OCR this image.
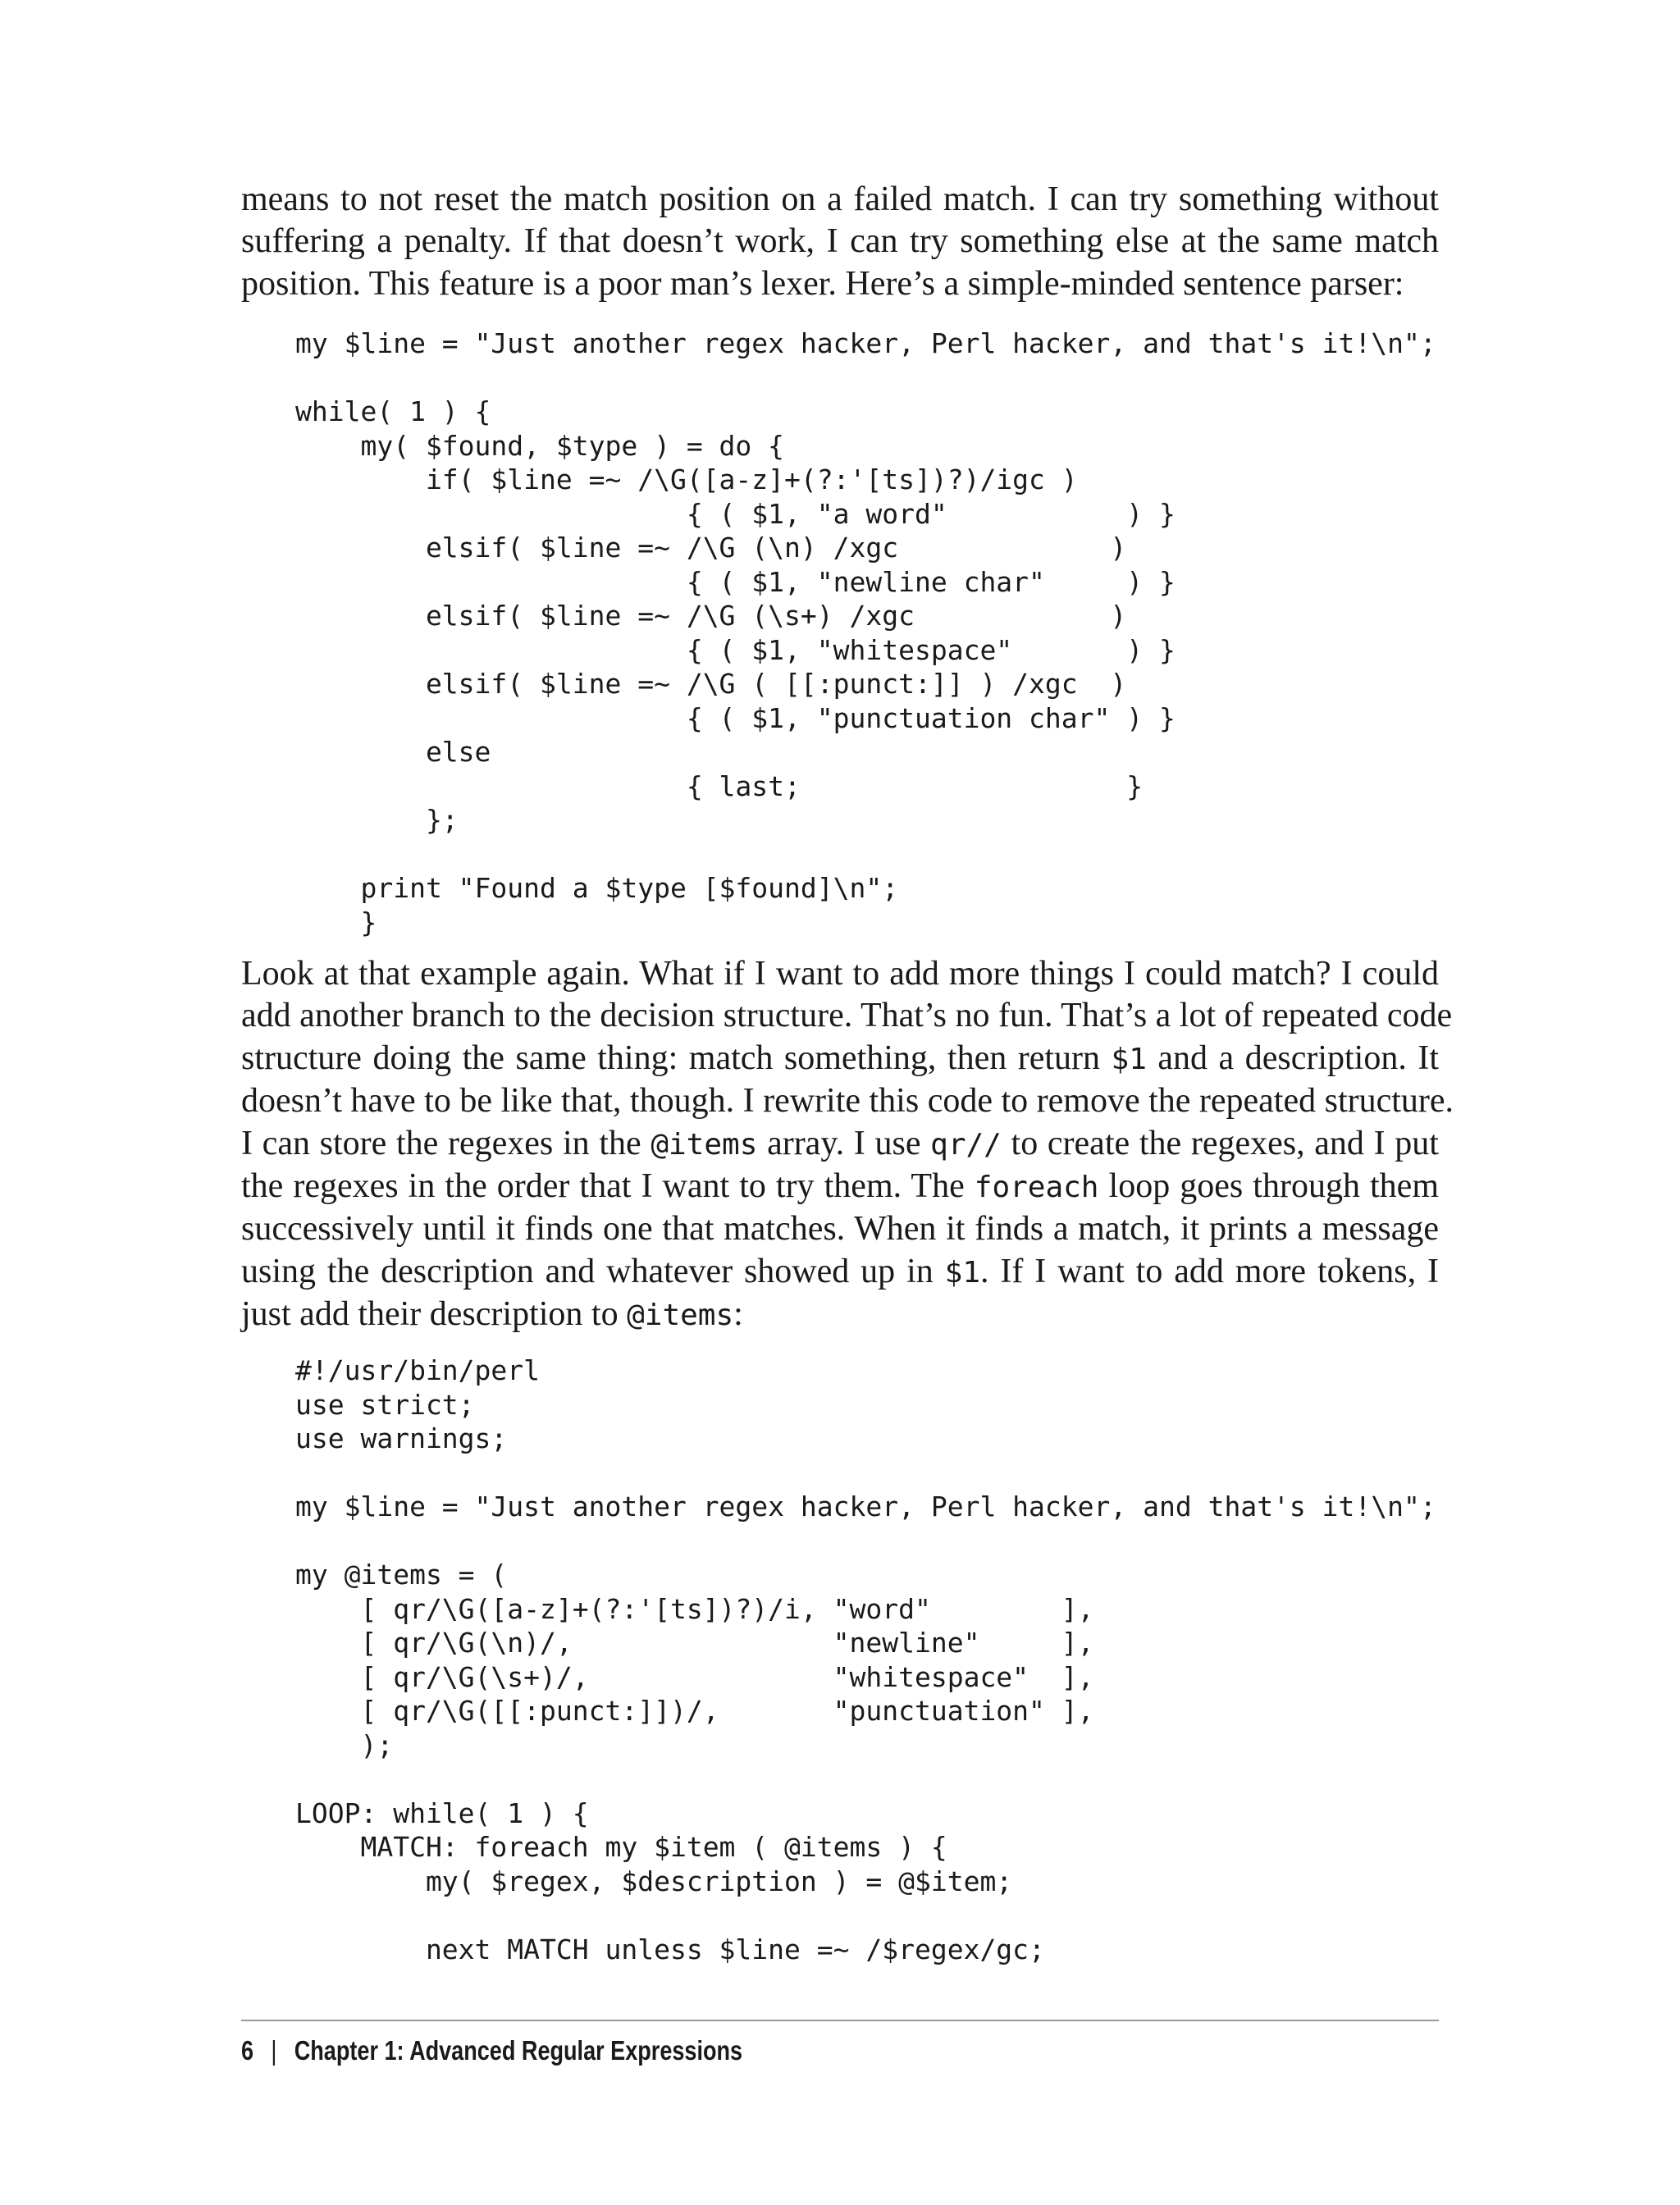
means to not reset the match position on a failed match. I can try something without
suffering a penalty. If that doesn’t work, I can try something else at the same match
position. This feature is a poor man’s lexer. Here’s a simple-minded sentence parser:

my $line = "Just another regex hacker, Perl hacker, and that's it!\n";

while( 1 ) {
my( $found, $type ) = do {
if( $line =~ /\G([a-z]+(?:'[ts])?)/igc )
{ ( $1, "a word"           ) }
elsif( $line =~ /\G (\n) /xgc             )
{ ( $1, "newline char"     ) }
elsif( $line =~ /\G (\s+) /xgc            )
{ ( $1, "whitespace"       ) }
elsif( $line =~ /\G ( [[:punct:]] ) /xgc  )
{ ( $1, "punctuation char" ) }
else
{ last;                    }
};

print "Found a $type [$found]\n";
}

Look at that example again. What if I want to add more things I could match? I could
add another branch to the decision structure. That’s no fun. That’s a lot of repeated code
structure doing the same thing: match something, then return $1 and a description. It
doesn’t have to be like that, though. I rewrite this code to remove the repeated structure.
I can store the regexes in the @items array. I use qr// to create the regexes, and I put
the regexes in the order that I want to try them. The foreach loop goes through them
successively until it finds one that matches. When it finds a match, it prints a message
using the description and whatever showed up in $1. If I want to add more tokens, I
just add their description to @items:

#!/usr/bin/perl
use strict;
use warnings;

my $line = "Just another regex hacker, Perl hacker, and that's it!\n";

my @items = (
[ qr/\G([a-z]+(?:'[ts])?)/i, "word"        ],
[ qr/\G(\n)/,                "newline"     ],
[ qr/\G(\s+)/,               "whitespace"  ],
[ qr/\G([[:punct:]])/,       "punctuation" ],
);

LOOP: while( 1 ) {
MATCH: foreach my $item ( @items ) {
my( $regex, $description ) = @$item;

next MATCH unless $line =~ /$regex/gc;
6 | Chapter 1: Advanced Regular Expressions
